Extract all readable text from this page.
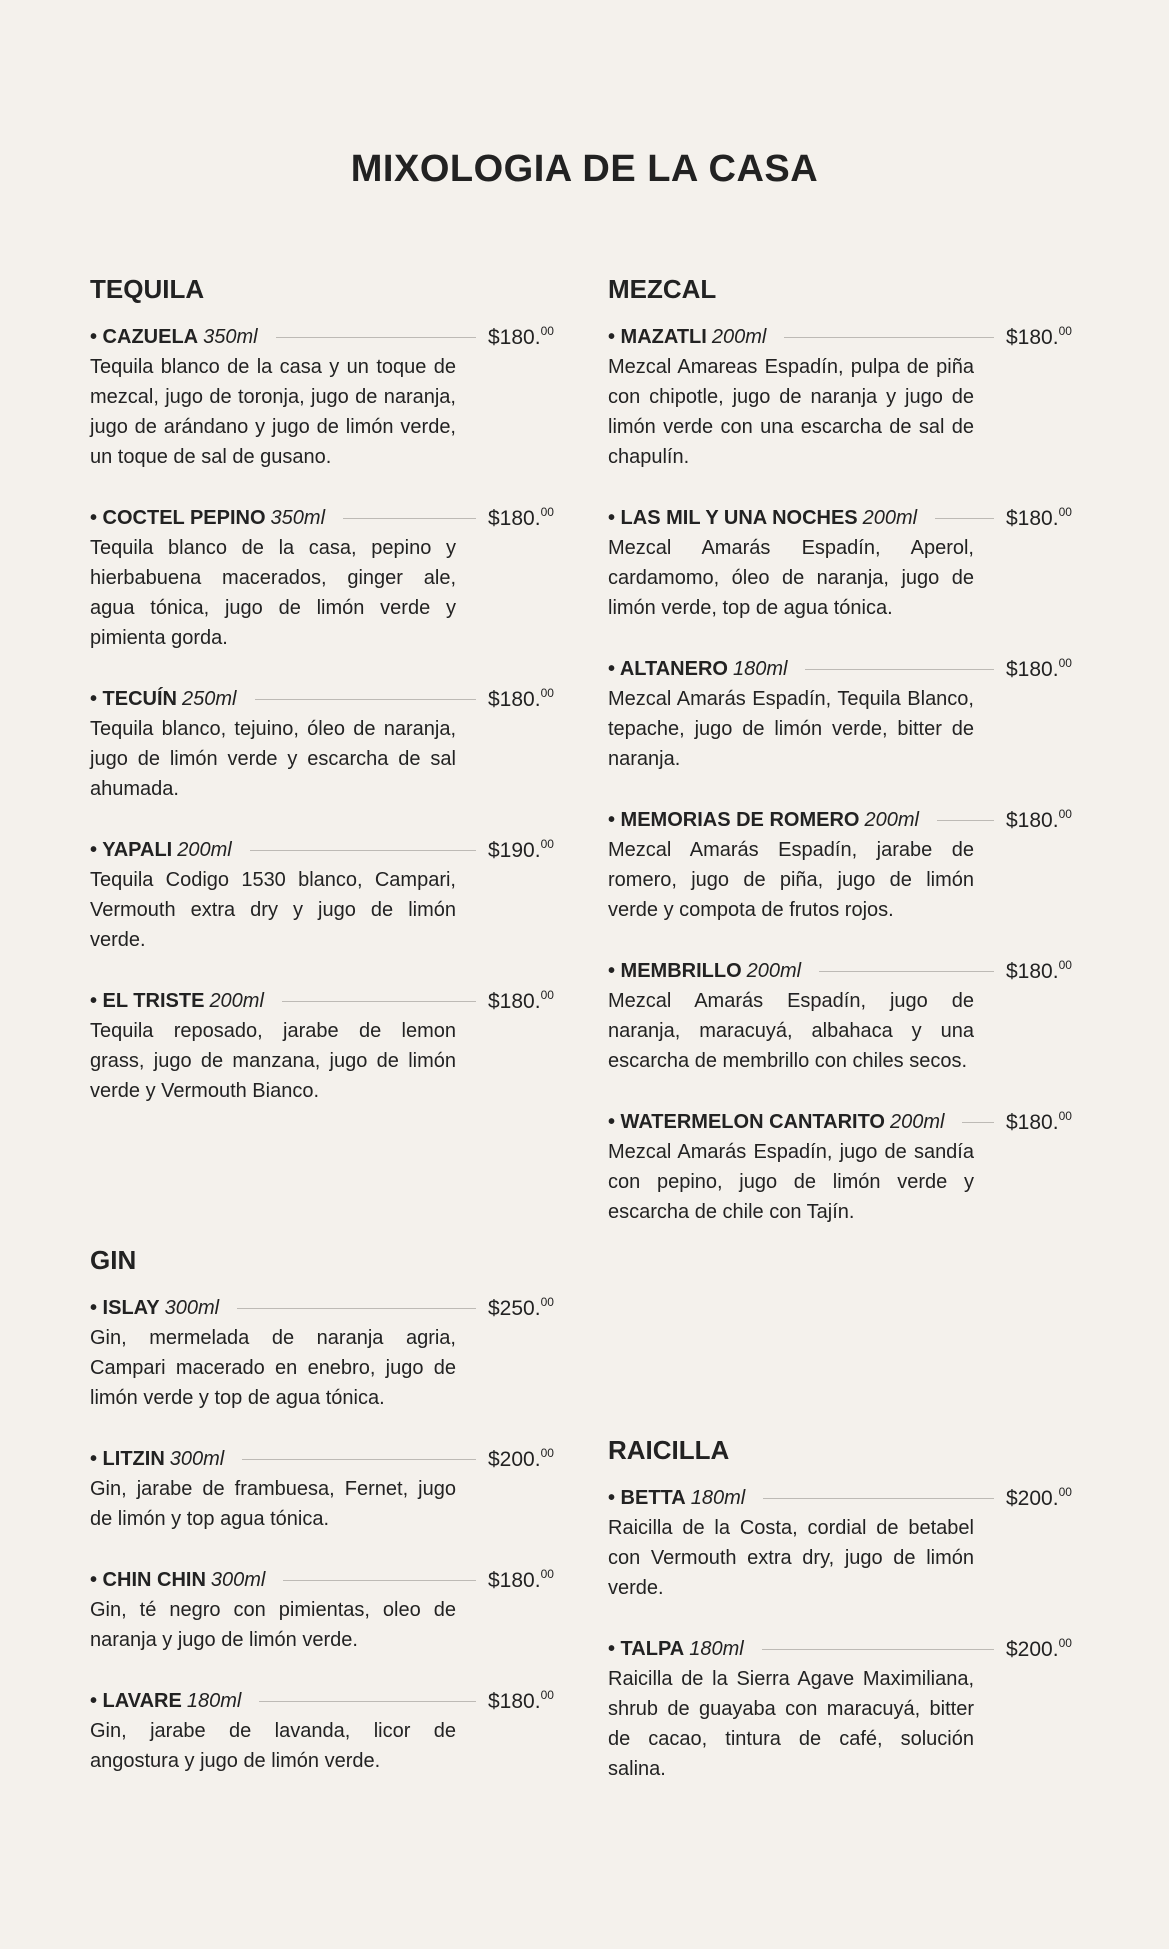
MIXOLOGIA DE LA CASA
TEQUILA
• CAZUELA 350ml	$180.00

Tequila blanco de la casa y un toque de mezcal, jugo de toronja, jugo de naranja, jugo de arándano y jugo de limón verde, un toque de sal de gusano.

• COCTEL PEPINO 350ml	$180.00

Tequila blanco de la casa, pepino y hierbabuena macerados, ginger ale, agua tónica, jugo de limón verde y pimienta gorda.

• TECUÍN 250ml	$180.00

Tequila blanco, tejuino, óleo de naranja, jugo de limón verde y escarcha de sal ahumada.

• YAPALI 200ml	$190.00

Tequila Codigo 1530 blanco, Campari, Vermouth extra dry y jugo de limón verde.

• EL TRISTE 200ml	$180.00

Tequila reposado, jarabe de lemon grass, jugo de manzana, jugo de limón verde y Vermouth Bianco.

GIN
• ISLAY 300ml	$250.00

Gin, mermelada de naranja agria, Campari macerado en enebro, jugo de limón verde y top de agua tónica.

• LITZIN 300ml	$200.00

Gin, jarabe de frambuesa, Fernet, jugo de limón y top agua tónica.

• CHIN CHIN 300ml	$180.00

Gin, té negro con pimientas, oleo de naranja y jugo de limón verde.

• LAVARE 180ml	$180.00

Gin, jarabe de lavanda, licor de angostura y jugo de limón verde.

MEZCAL
• MAZATLI 200ml	$180.00

Mezcal Amareas Espadín, pulpa de piña con chipotle, jugo de naranja y jugo de limón verde con una escarcha de sal de chapulín.

• LAS MIL Y UNA NOCHES 200ml	$180.00

Mezcal Amarás Espadín, Aperol, cardamomo, óleo de naranja, jugo de limón verde, top de agua tónica.

• ALTANERO 180ml	$180.00

Mezcal Amarás Espadín, Tequila Blanco, tepache, jugo de limón verde, bitter de naranja.

• MEMORIAS DE ROMERO 200ml	$180.00

Mezcal Amarás Espadín, jarabe de romero, jugo de piña, jugo de limón verde y compota de frutos rojos.

• MEMBRILLO 200ml	$180.00

Mezcal Amarás Espadín, jugo de naranja, maracuyá, albahaca y una escarcha de membrillo con chiles secos.

• WATERMELON CANTARITO 200ml	$180.00

Mezcal Amarás Espadín, jugo de sandía con pepino, jugo de limón verde y escarcha de chile con Tajín.

RAICILLA
• BETTA 180ml	$200.00

Raicilla de la Costa, cordial de betabel con Vermouth extra dry, jugo de limón verde.

• TALPA 180ml	$200.00

Raicilla de la Sierra Agave Maximiliana, shrub de guayaba con maracuyá, bitter de cacao, tintura de café, solución salina.
